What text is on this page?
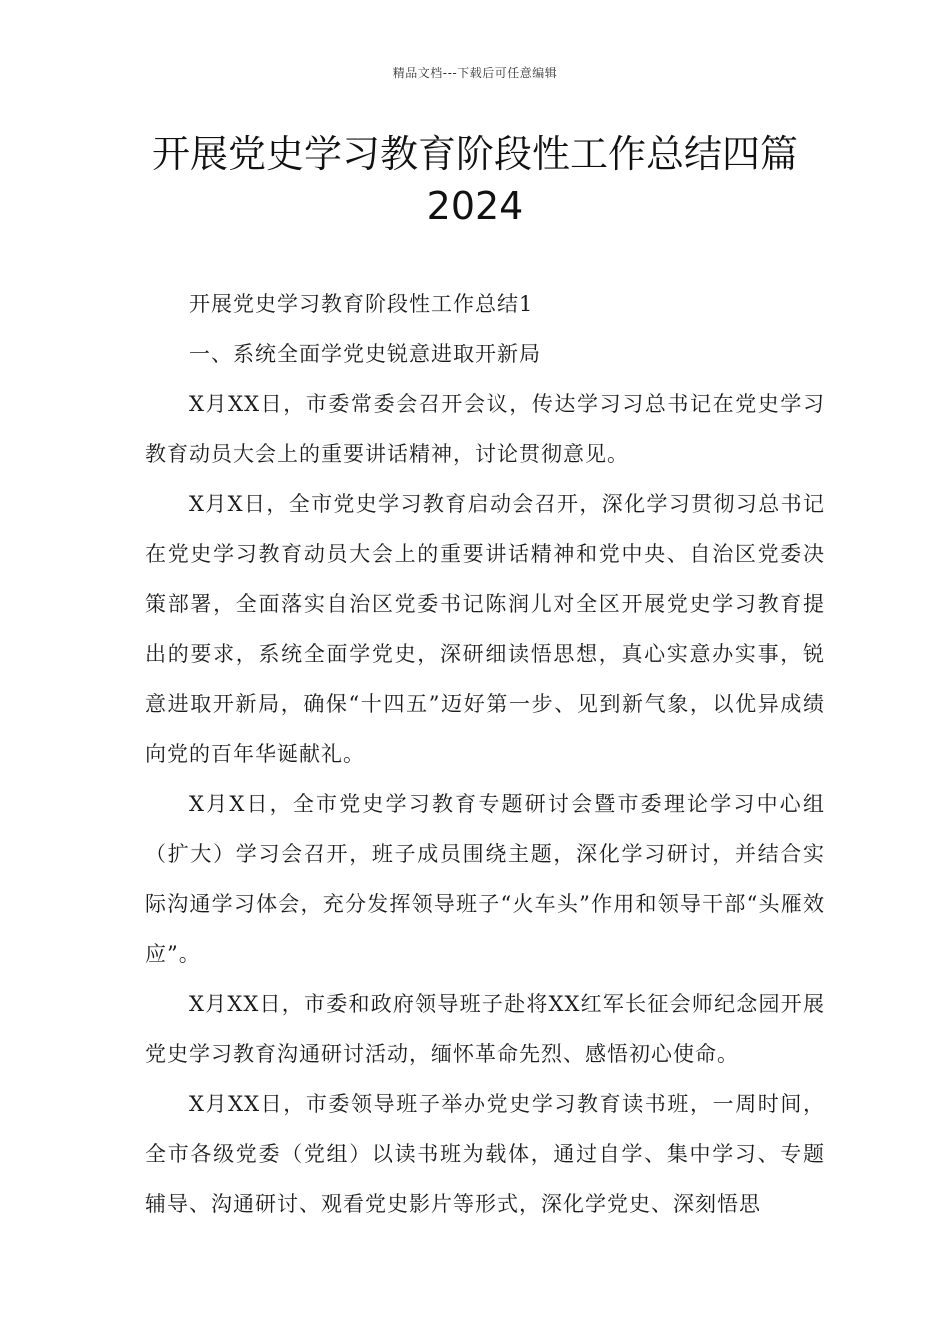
精品文档---下载后可任意编辑
开展党史学习教育阶段性工作总结四篇
2024

开展党史学习教育阶段性工作总结1

一、系统全面学党史锐意进取开新局

X月XX日，市委常委会召开会议，传达学习习总书记在党史学习教育动员大会上的重要讲话精神，讨论贯彻意见。

X月X日，全市党史学习教育启动会召开，深化学习贯彻习总书记在党史学习教育动员大会上的重要讲话精神和党中央、自治区党委决策部署，全面落实自治区党委书记陈润儿对全区开展党史学习教育提出的要求，系统全面学党史，深研细读悟思想，真心实意办实事，锐意进取开新局，确保“十四五”迈好第一步、见到新气象，以优异成绩向党的百年华诞献礼。

X月X日，全市党史学习教育专题研讨会暨市委理论学习中心组（扩大）学习会召开，班子成员围绕主题，深化学习研讨，并结合实际沟通学习体会，充分发挥领导班子“火车头”作用和领导干部“头雁效应”。

X月XX日，市委和政府领导班子赴将XX红军长征会师纪念园开展党史学习教育沟通研讨活动，缅怀革命先烈、感悟初心使命。

X月XX日，市委领导班子举办党史学习教育读书班，一周时间，全市各级党委（党组）以读书班为载体，通过自学、集中学习、专题辅导、沟通研讨、观看党史影片等形式，深化学党史、深刻悟思
